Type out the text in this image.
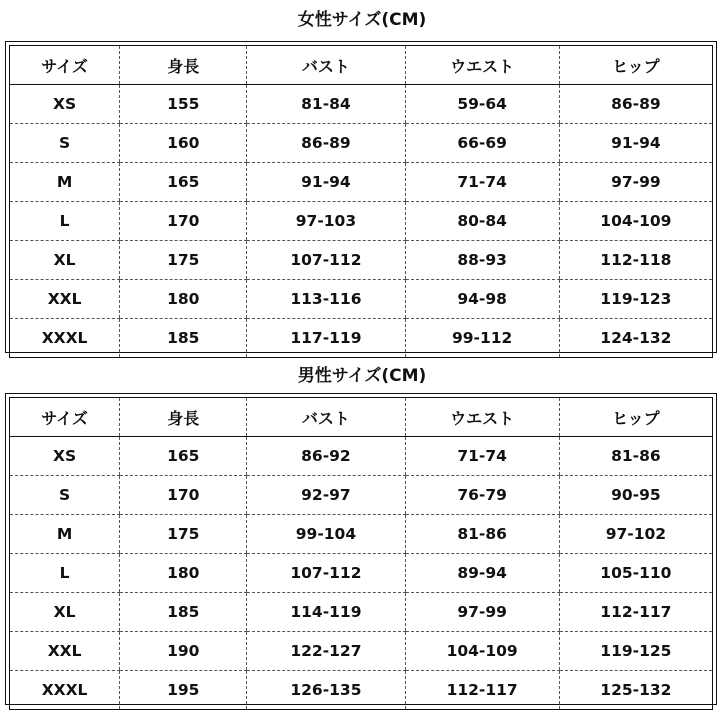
女性サイズ(CM)
サイズ	身長	バスト	ウエスト	ヒップ
XS	155	81-84	59-64	86-89
S	160	86-89	66-69	91-94
M	165	91-94	71-74	97-99
L	170	97-103	80-84	104-109
XL	175	107-112	88-93	112-118
XXL	180	113-116	94-98	119-123
XXXL	185	117-119	99-112	124-132
男性サイズ(CM)
サイズ	身長	バスト	ウエスト	ヒップ
XS	165	86-92	71-74	81-86
S	170	92-97	76-79	90-95
M	175	99-104	81-86	97-102
L	180	107-112	89-94	105-110
XL	185	114-119	97-99	112-117
XXL	190	122-127	104-109	119-125
XXXL	195	126-135	112-117	125-132
